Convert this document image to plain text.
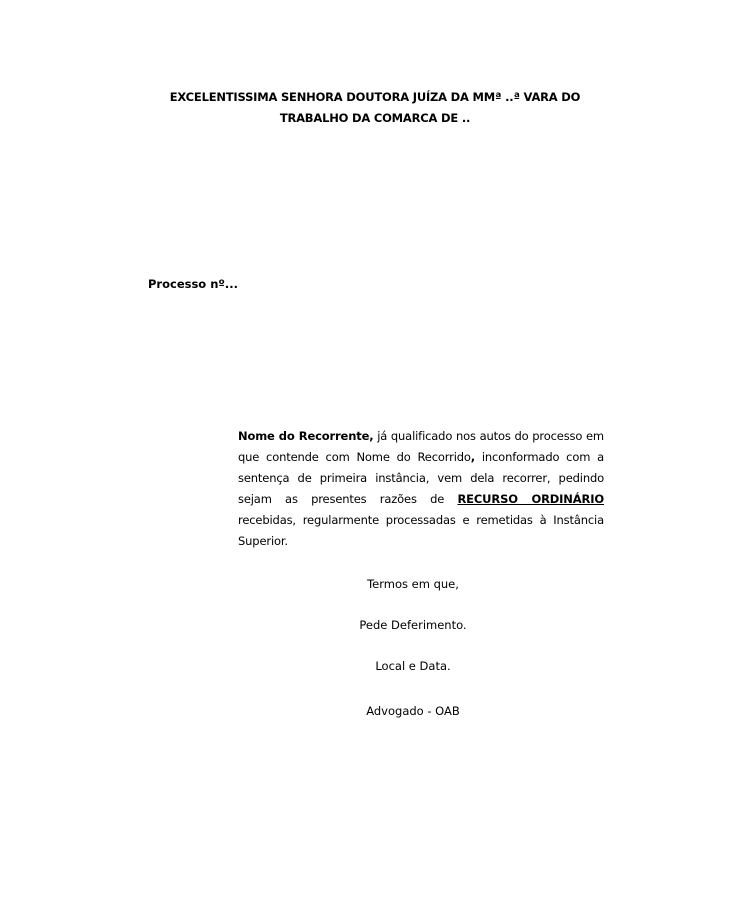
EXCELENTISSIMA SENHORA DOUTORA JUÍZA DA MMª ..ª VARA DO
TRABALHO DA COMARCA DE ..
Processo nº...
Nome do Recorrente, já qualificado nos autos do processo em que contende com Nome do Recorrido, inconformado com a sentença de primeira instância, vem dela recorrer, pedindo sejam as presentes razões de RECURSO ORDINÁRIO recebidas, regularmente processadas e remetidas à Instância Superior.
Termos em que,
Pede Deferimento.
Local e Data.
Advogado - OAB
